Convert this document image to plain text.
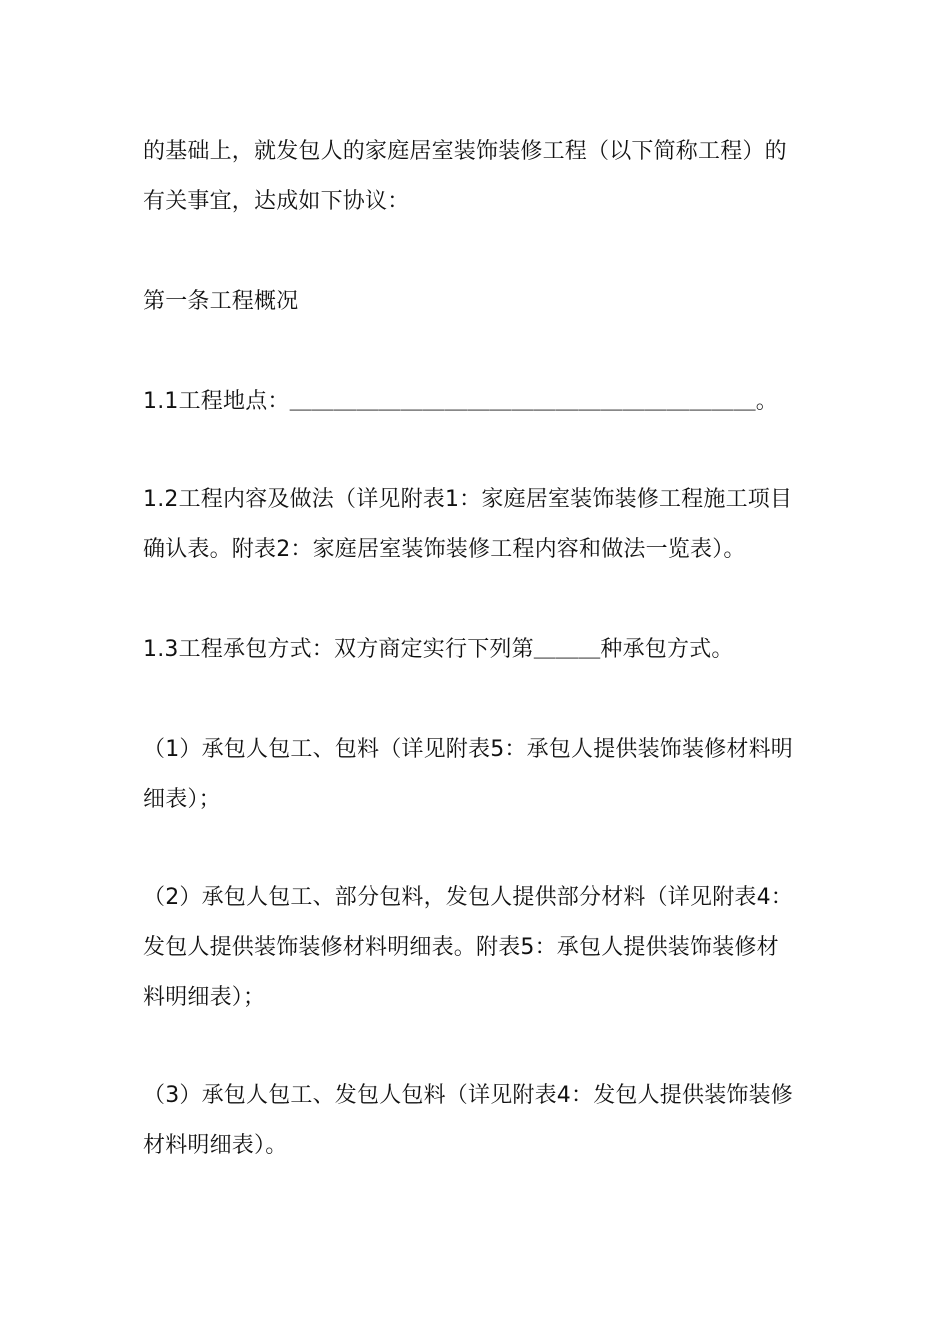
的基础上，就发包人的家庭居室装饰装修工程（以下简称工程）的
有关事宜，达成如下协议：
第一条工程概况
1.1工程地点：＿＿＿＿＿＿＿＿＿＿＿＿＿＿＿＿＿＿＿＿＿。
1.2工程内容及做法（详见附表1：家庭居室装饰装修工程施工项目
确认表。附表2：家庭居室装饰装修工程内容和做法一览表）。
1.3工程承包方式：双方商定实行下列第＿＿＿种承包方式。
（1）承包人包工、包料（详见附表5：承包人提供装饰装修材料明
细表）；
（2）承包人包工、部分包料，发包人提供部分材料（详见附表4：
发包人提供装饰装修材料明细表。附表5：承包人提供装饰装修材
料明细表）；
（3）承包人包工、发包人包料（详见附表4：发包人提供装饰装修
材料明细表）。
